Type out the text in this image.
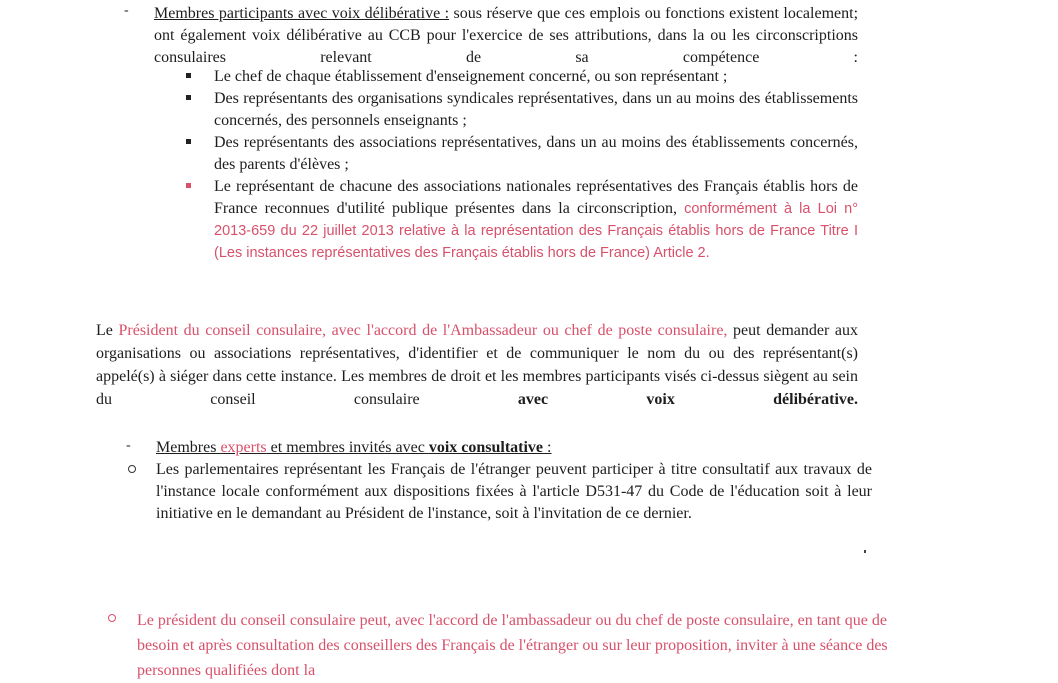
- Membres participants avec voix délibérative : sous réserve que ces emplois ou fonctions existent localement; ont également voix délibérative au CCB pour l'exercice de ses attributions, dans la ou les circonscriptions consulaires relevant de sa compétence :

Le chef de chaque établissement d'enseignement concerné, ou son représentant ;

Des représentants des organisations syndicales représentatives, dans un au moins des établissements concernés, des personnels enseignants ;

Des représentants des associations représentatives, dans un au moins des établissements concernés, des parents d'élèves ;

Le représentant de chacune des associations nationales représentatives des Français établis hors de France reconnues d'utilité publique présentes dans la circonscription, conformément à la Loi n° 2013-659 du 22 juillet 2013 relative à la représentation des Français établis hors de France Titre I (Les instances représentatives des Français établis hors de France) Article 2.

Le Président du conseil consulaire, avec l'accord de l'Ambassadeur ou chef de poste consulaire, peut demander aux organisations ou associations représentatives, d'identifier et de communiquer le nom du ou des représentant(s) appelé(s) à siéger dans cette instance. Les membres de droit et les membres participants visés ci-dessus siègent au sein du conseil consulaire avec voix délibérative.

- Membres experts et membres invités avec voix consultative :

Les parlementaires représentant les Français de l'étranger peuvent participer à titre consultatif aux travaux de l'instance locale conformément aux dispositions fixées à l'article D531-47 du Code de l'éducation soit à leur initiative en le demandant au Président de l'instance, soit à l'invitation de ce dernier.

Le président du conseil consulaire peut, avec l'accord de l'ambassadeur ou du chef de poste consulaire, en tant que de besoin et après consultation des conseillers des Français de l'étranger ou sur leur proposition, inviter à une séance des personnes qualifiées dont la
